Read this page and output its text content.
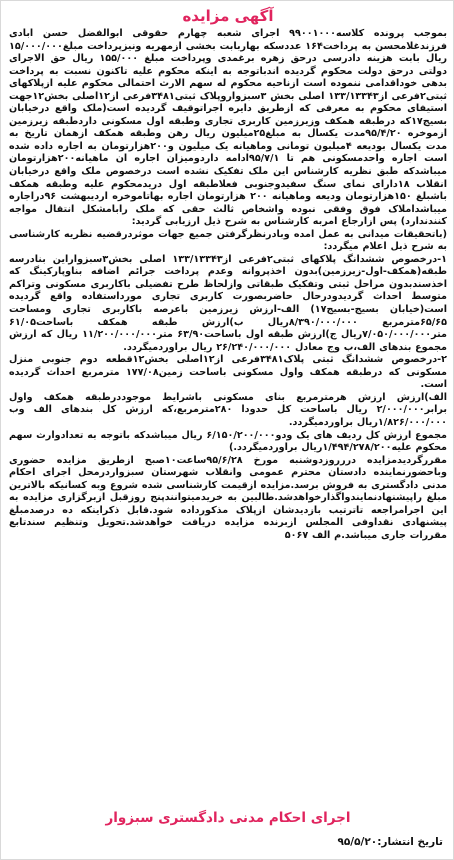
آگهی مزایده

بموجب پرونده کلاسه۹۹۰۰۱۰۰۰ اجرای شعبه چهارم حقوقی ابوالفضل حسن ابادی فرزندغلامحسن به پرداخت۱۶۴ عددسکه بهاربابت بخشی ازمهریه ونیزپرداخت مبلغ۱۵/۰۰۰/۰۰۰ ریال بابت هزینه دادرسی درحق زهره برغمدی وپرداخت مبلغ ۱۵۵/۰۰۰ ریال حق الاجرای دولتی درحق دولت محکوم گردیده اندباتوجه به اینکه محکوم علیه تاکنون نسبت به پرداخت بدهی خوداقدامی ننموده است ازناحیه محکوم له سهم الارث احتمالی محکوم علیه ازپلاکهای ثبتی۲فرعی از۱۳۳/۱۳۳۴۳ اصلی بخش ۳سبزواروپلاک ثبتی۳۴۸۱فرعی از۱۲اصلی بخش۱۲جهت استیفای محکوم به معرفی که ازطریق دایره اجراتوقیف گردیده است(ملک واقع درخیابان بسیج۱۷که درطبقه همکف وزیرزمین کاربری تجاری وطبقه اول مسکونی داردطبقه زیرزمین ازموخره ۹۵/۴/۲۰مدت یکسال به مبلغ۲۵میلیون ریال رهن وطبقه همکف ازهمان تاریخ به مدت یکسال بودیعه ۴میلیون تومانی وماهیانه یک میلیون و۲۰۰هزارتومان به اجاره داده شده است اجاره واحدمسکونی هم تا ۹۵/۷/۱ادامه داردومیزان اجاره ان ماهیانه۲۰۰هزارتومان میباشدکه طبق نظریه کارشناس این ملک تفکیک نشده است درخصوص ملک واقع درخیابان انقلاب ۱۸دارای نمای سنگ سفیدوجنوبی فعلاطبقه اول دریدمحکوم علیه وطبقه همکف باشبلغ ۱۵۰هزارتومان ودیعه وماهیانه ۲۰۰ هزارتومان اجاره بهاتاموخره اردیبهشت ۹۶دراجاره میباشداملاک فوق وفقی نبوده واشخاص ثالث حقی که ملک رابامشکل انتقال مواجه کنندندارد) پس ازارجاع امربه کارشناس به شرح ذیل ارزیابی گردید:

(باتحقیقات میدانی به عمل امده وبادرنظرگرفتن جمیع جهات موثردرقضیه نظریه کارشناسی به شرح ذیل اعلام میگردد:

۱-درخصوص ششدانگ پلاکهای ثبتی۲فرعی از۱۳۳/۱۳۳۴۳ اصلی بخش۳سبزواراین بنادرسه طبقه(همکف-اول-زیرزمین)بدون اخذپروانه وعدم پرداخت جرائم اضافه بناوپارکینگ که اخذسندبدون مراحل ثبتی وتفکیک طبقاتی وازلحاظ طرح تفضیلی باکاربری مسکونی وتراکم متوسط احداث گردیدودرحال حاضربصورت کاربری تجاری مورداستفاده واقع گردیده است(خیابان بسیج-بسیج۱۷) الف-ارزش زیرزمین باعرصه باکاربری تجاری ومساحت ۶۵/۶۵مترمربع ۸/۳۹۰/۰۰۰/۰۰۰ریال ب)ارزش طبقه همکف باساحت۶۱/۰۵ متر۷/۰۵۰/۰۰۰/۰۰۰ریال ج)ارزش طبقه اول باساحت۶۳/۹۰ متر۱۱/۲۰۰/۰۰۰/۰۰۰ ریال که ارزش مجموع بندهای الف،ب وج معادل ۲۶/۲۴۰/۰۰۰/۰۰۰ ریال براوردمیگردد.

۲-درخصوص ششدانگ ثبتی پلاک۳۴۸۱فرعی از۱۲اصلی بخش۱۲قطعه دوم جنوبی منزل مسکونی که درطبقه همکف واول مسکونی باساحت زمین۱۷۷/۰۸ مترمربع احداث گردیده است.

الف)ارزش ارزش هرمترمربع بنای مسکونی باشرایط موجوددرطبقه همکف واول برابر۲/۰۰۰/۰۰۰ ریال باساحت کل حدودا ۲۸۰مترمربع،که ارزش کل بندهای الف وب ۱/۸۲۶/۰۰۰/۰۰۰ریال براوردمیگردد.

مجموع ارزش کل ردیف های یک ودو۶/۱۵۰/۲۰۰/۰۰۰ ریال میباشدکه باتوجه به تعدادوارث سهم محکوم علیه۱/۴۹۴/۲۷۸/۲۰۰ریال براوردمیگردد.)

مقررگردیدمزایده دررروزدوشنبه مورخ ۹۵/۶/۲۸ساعت۱۰صبح ازطریق مزایده حضوری وباحضورنماینده دادستان محترم عمومی وانقلاب شهرستان سبزواردرمحل اجرای احکام مدنی دادگستری به فروش برسد.مزایده ازقیمت کارشناسی شده شروع وبه کسانیکه بالاترین مبلغ راپیشنهادنمایندواگذارخواهدشد.طالبین به خریدمیتوانندپنج روزقبل ازبرگزاری مزایده به این اجرامراجعه تاترتیب بازدیدشان ازپلاک مذکورداده شود.قابل ذکراینکه ده درصدمبلغ پیشنهادی نقداوفی المجلس ازبرنده مزایده دریافت خواهدشد.تحویل وتنظیم سندتابع مقررات جاری میباشد.م الف ۵۰۶۷

اجرای احکام مدنی دادگستری سبزوار
تاریخ انتشار:۹۵/۵/۲۰
